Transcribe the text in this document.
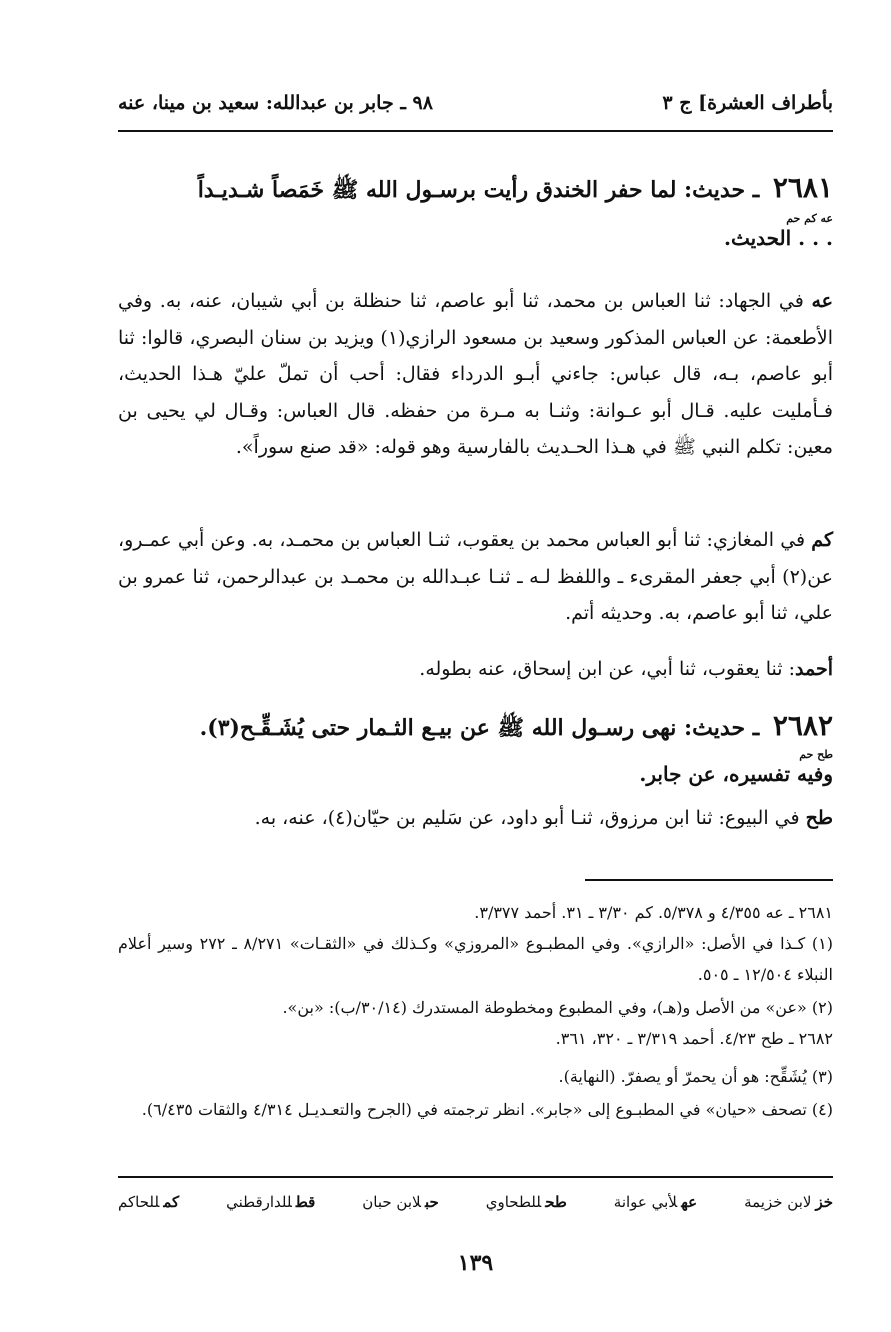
بأطراف العشرة] ج ٣
٩٨ ـ جابر بن عبدالله: سعيد بن مينا، عنه
٢٦٨١ ـ حديث: لما حفر الخندق رأيت برسـول الله ﷺ خَمَصاً شـديـداً
عه كم حم
. . . الحديث.
عه في الجهاد: ثنا العباس بن محمد، ثنا أبو عاصم، ثنا حنظلة بن أبي شيبان، عنه، به. وفي الأطعمة: عن العباس المذكور وسعيد بن مسعود الرازي(١) ويزيد بن سنان البصري، قالوا: ثنا أبو عاصم، بـه، قال عباس: جاءني أبـو الدرداء فقال: أحب أن تملّ عليّ هـذا الحديث، فـأمليت عليه. قـال أبو عـوانة: وثنـا به مـرة من حفظه. قال العباس: وقـال لي يحيى بن معين: تكلم النبي ﷺ في هـذا الحـديث بالفارسية وهو قوله: «قد صنع سوراً».
كم في المغازي: ثنا أبو العباس محمد بن يعقوب، ثنـا العباس بن محمـد، به. وعن أبي عمـرو، عن(٢) أبي جعفر المقرىء ـ واللفظ لـه ـ ثنـا عبـدالله بن محمـد بن عبدالرحمن، ثنا عمرو بن علي، ثنا أبو عاصم، به. وحديثه أتم.
أحمد: ثنا يعقوب، ثنا أبي، عن ابن إسحاق، عنه بطوله.
٢٦٨٢ ـ حديث: نهى رسـول الله ﷺ عن بيـع الثـمار حتى يُشَـقِّـح(٣).
طح حم
وفيه تفسيره، عن جابر.
طح في البيوع: ثنا ابن مرزوق، ثنـا أبو داود، عن سَليم بن حيّان(٤)، عنه، به.
٢٦٨١ ـ عه ٤/٣٥٥ و ٥/٣٧٨. كم ٣/٣٠ ـ ٣١. أحمد ٣/٣٧٧.
(١) كـذا في الأصل: «الرازي». وفي المطبـوع «المروزي» وكـذلك في «الثقـات» ٨/٢٧١ ـ ٢٧٢ وسير أعلام النبلاء ١٢/٥٠٤ ـ ٥٠٥.
(٢) «عن» من الأصل و(هـ)، وفي المطبوع ومخطوطة المستدرك (٣٠/١٤/ب): «بن».
٢٦٨٢ ـ طح ٤/٢٣. أحمد ٣/٣١٩ ـ ٣٢٠، ٣٦١.
(٣) يُشَقِّح: هو أن يحمرّ أو يصفرّ. (النهاية).
(٤) تصحف «حيان» في المطبـوع إلى «جابر». انظر ترجمته في (الجرح والتعـديـل ٤/٣١٤ والثقات ٦/٤٣٥).
خزلابن خزيمة
عهلأبي عوانة
طحللطحاوي
حبلابن حبان
قطللدارقطني
كمللحاكم
١٣٩
